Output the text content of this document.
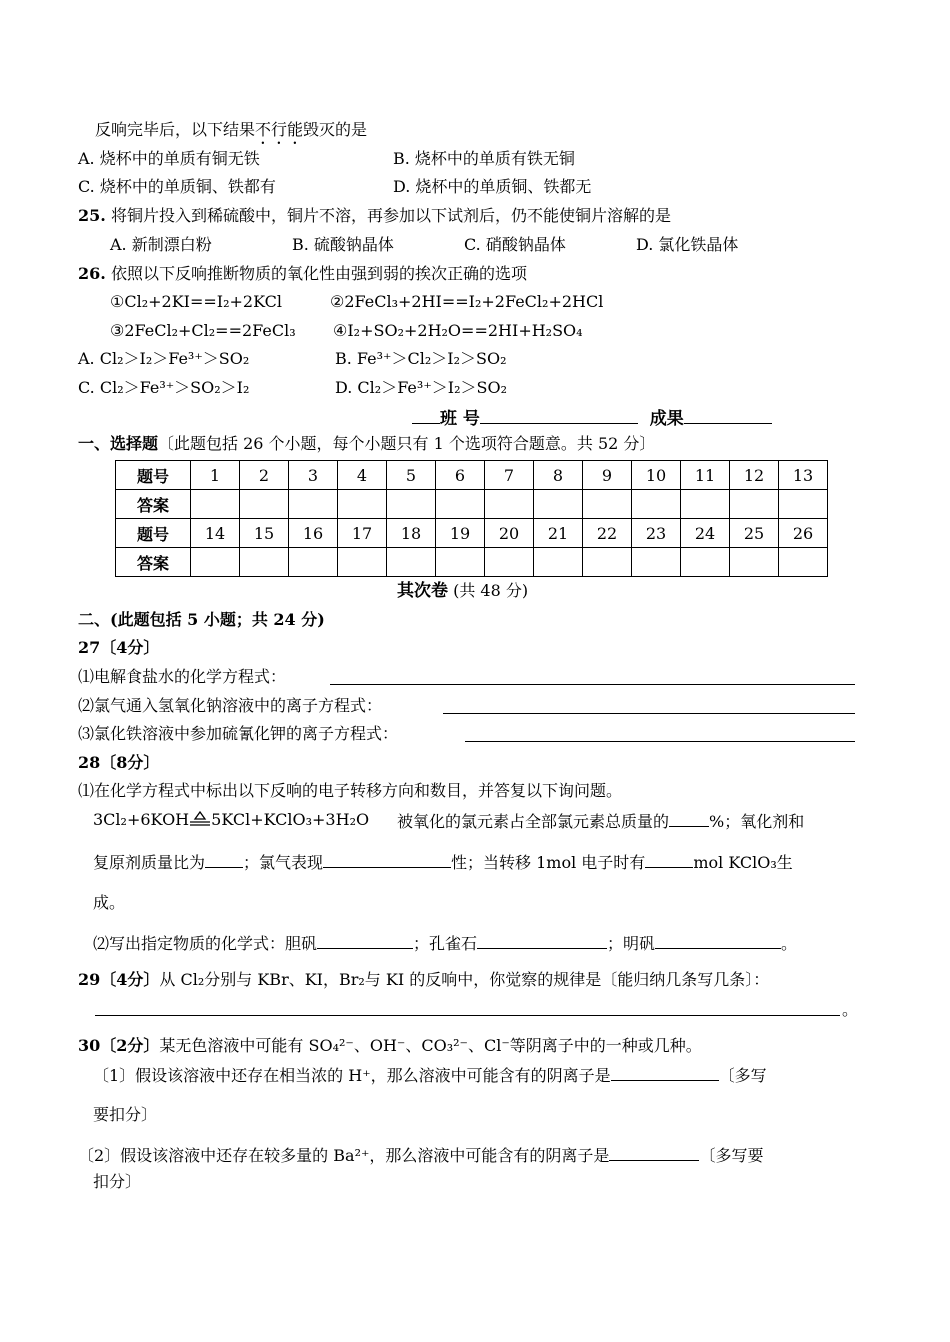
反响完毕后，以下结果不行能毁灭的是
A. 烧杯中的单质有铜无铁	B. 烧杯中的单质有铁无铜
C. 烧杯中的单质铜、铁都有	D. 烧杯中的单质铜、铁都无
25. 将铜片投入到稀硫酸中，铜片不溶，再参加以下试剂后，仍不能使铜片溶解的是
A. 新制漂白粉	B. 硫酸钠晶体	C. 硝酸钠晶体	D. 氯化铁晶体
26. 依照以下反响推断物质的氧化性由强到弱的挨次正确的选项
①Cl₂+2KI==I₂+2KCl	②2FeCl₃+2HI==I₂+2FeCl₂+2HCl
③2FeCl₂+Cl₂==2FeCl₃ ④I₂+SO₂+2H₂O==2HI+H₂SO₄
A. Cl₂＞I₂＞Fe³⁺＞SO₂	B. Fe³⁺＞Cl₂＞I₂＞SO₂
C. Cl₂＞Fe³⁺＞SO₂＞I₂	D. Cl₂＞Fe³⁺＞I₂＞SO₂
班 号	成果
一、选择题〔此题包括 26 个小题，每个小题只有 1 个选项符合题意。共 52 分〕
题号	1	2	3	4	5	6	7	8	9	10	11	12	13
答案													
题号	14	15	16	17	18	19	20	21	22	23	24	25	26
答案													
其次卷 (共 48 分)
二、(此题包括 5 小题；共 24 分)
27〔4分〕
⑴电解食盐水的化学方程式：
⑵氯气通入氢氧化钠溶液中的离子方程式：
⑶氯化铁溶液中参加硫氰化钾的离子方程式：
28〔8分〕
⑴在化学方程式中标出以下反响的电子转移方向和数目，并答复以下询问题。
3Cl₂+6KOH 5KCl+KClO₃+3H₂O 被氧化的氯元素占全部氯元素总质量的	%；氧化剂和
复原剂质量比为 ；氯气表现	性；当转移 1mol 电子时有	mol KClO₃生
成。
⑵写出指定物质的化学式：胆矾	；孔雀石	；明矾	。
29〔4分〕从 Cl₂分别与 KBr、KI，Br₂与 KI 的反响中，你觉察的规律是〔能归纳几条写几条〕：
。
30〔2分〕某无色溶液中可能有 SO₄²⁻、OH⁻、CO₃²⁻、Cl⁻等阴离子中的一种或几种。
〔1〕假设该溶液中还存在相当浓的 H⁺，那么溶液中可能含有的阴离子是	〔多写
要扣分〕
〔2〕假设该溶液中还存在较多量的 Ba²⁺，那么溶液中可能含有的阴离子是	〔多写要
扣分〕
